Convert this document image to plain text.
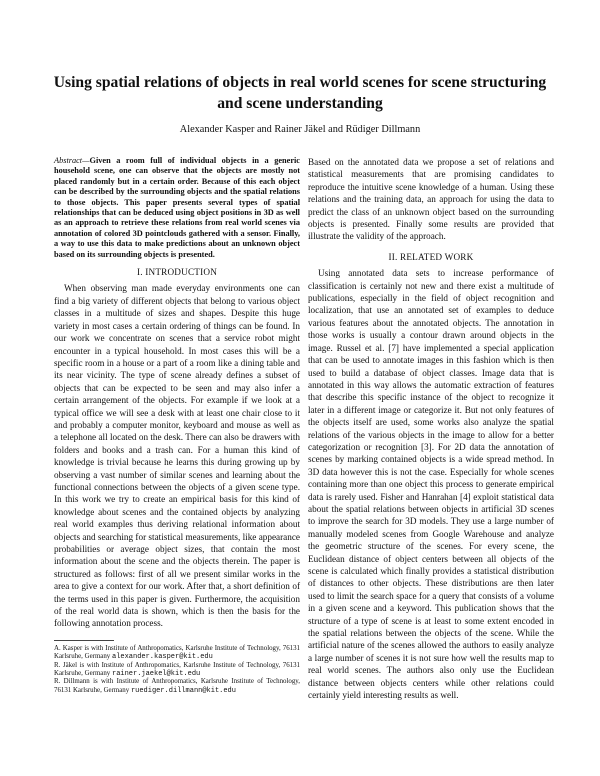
Using spatial relations of objects in real world scenes for scene structuring and scene understanding

Alexander Kasper and Rainer Jäkel and Rüdiger Dillmann

Abstract—Given a room full of individual objects in a generic household scene, one can observe that the objects are mostly not placed randomly but in a certain order. Because of this each object can be described by the surrounding objects and the spatial relations to those objects. This paper presents several types of spatial relationships that can be deduced using object positions in 3D as well as an approach to retrieve these relations from real world scenes via annotation of colored 3D pointclouds gathered with a sensor. Finally, a way to use this data to make predictions about an unknown object based on its surrounding objects is presented.

I. INTRODUCTION

When observing man made everyday environments one can find a big variety of different objects that belong to various object classes in a multitude of sizes and shapes. Despite this huge variety in most cases a certain ordering of things can be found. In our work we concentrate on scenes that a service robot might encounter in a typical household. In most cases this will be a specific room in a house or a part of a room like a dining table and its near vicinity. The type of scene already defines a subset of objects that can be expected to be seen and may also infer a certain arrangement of the objects. For example if we look at a typical office we will see a desk with at least one chair close to it and probably a computer monitor, keyboard and mouse as well as a telephone all located on the desk. There can also be drawers with folders and books and a trash can. For a human this kind of knowledge is trivial because he learns this during growing up by observing a vast number of similar scenes and learning about the functional connections between the objects of a given scene type. In this work we try to create an empirical basis for this kind of knowledge about scenes and the contained objects by analyzing real world examples thus deriving relational information about objects and searching for statistical measurements, like appearance probabilities or average object sizes, that contain the most information about the scene and the objects therein. The paper is structured as follows: first of all we present similar works in the area to give a context for our work. After that, a short definition of the terms used in this paper is given. Furthermore, the acquisition of the real world data is shown, which is then the basis for the following annotation process.

A. Kasper is with Institute of Anthropomatics, Karlsruhe Institute of Technology, 76131 Karlsruhe, Germany alexander.kasper@kit.edu

R. Jäkel is with Institute of Anthropomatics, Karlsruhe Institute of Technology, 76131 Karlsruhe, Germany rainer.jaekel@kit.edu

R. Dillmann is with Institute of Anthropomatics, Karlsruhe Institute of Technology, 76131 Karlsruhe, Germany ruediger.dillmann@kit.edu

Based on the annotated data we propose a set of relations and statistical measurements that are promising candidates to reproduce the intuitive scene knowledge of a human. Using these relations and the training data, an approach for using the data to predict the class of an unknown object based on the surrounding objects is presented. Finally some results are provided that illustrate the validity of the approach.

II. RELATED WORK

Using annotated data sets to increase performance of classification is certainly not new and there exist a multitude of publications, especially in the field of object recognition and localization, that use an annotated set of examples to deduce various features about the annotated objects. The annotation in those works is usually a contour drawn around objects in the image. Russel et al. [7] have implemented a special application that can be used to annotate images in this fashion which is then used to build a database of object classes. Image data that is annotated in this way allows the automatic extraction of features that describe this specific instance of the object to recognize it later in a different image or categorize it. But not only features of the objects itself are used, some works also analyze the spatial relations of the various objects in the image to allow for a better categorization or recognition [3]. For 2D data the annotation of scenes by marking contained objects is a wide spread method. In 3D data however this is not the case. Especially for whole scenes containing more than one object this process to generate empirical data is rarely used. Fisher and Hanrahan [4] exploit statistical data about the spatial relations between objects in artificial 3D scenes to improve the search for 3D models. They use a large number of manually modeled scenes from Google Warehouse and analyze the geometric structure of the scenes. For every scene, the Euclidean distance of object centers between all objects of the scene is calculated which finally provides a statistical distribution of distances to other objects. These distributions are then later used to limit the search space for a query that consists of a volume in a given scene and a keyword. This publication shows that the structure of a type of scene is at least to some extent encoded in the spatial relations between the objects of the scene. While the artificial nature of the scenes allowed the authors to easily analyze a large number of scenes it is not sure how well the results map to real world scenes. The authors also only use the Euclidean distance between objects centers while other relations could certainly yield interesting results as well.
